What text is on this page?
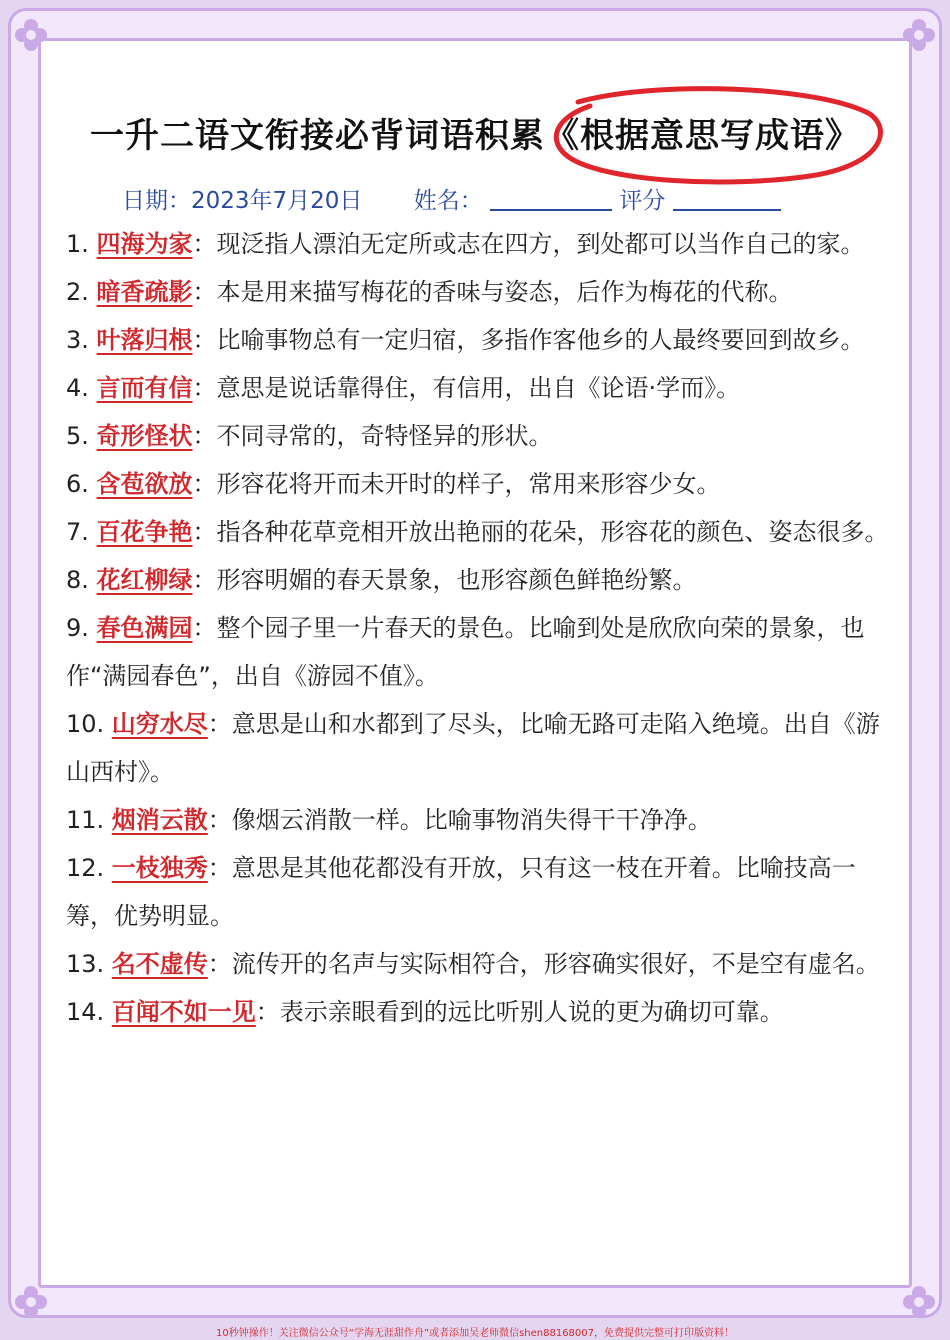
一升二语文衔接必背词语积累《根据意思写成语》
日期：2023年7月20日 姓名：	评分

1. 四海为家：现泛指人漂泊无定所或志在四方，到处都可以当作自己的家。

2. 暗香疏影：本是用来描写梅花的香味与姿态，后作为梅花的代称。

3. 叶落归根：比喻事物总有一定归宿，多指作客他乡的人最终要回到故乡。

4. 言而有信：意思是说话靠得住，有信用，出自《论语·学而》。

5. 奇形怪状：不同寻常的，奇特怪异的形状。

6. 含苞欲放：形容花将开而未开时的样子，常用来形容少女。

7. 百花争艳：指各种花草竞相开放出艳丽的花朵，形容花的颜色、姿态很多。

8. 花红柳绿：形容明媚的春天景象，也形容颜色鲜艳纷繁。

9. 春色满园：整个园子里一片春天的景色。比喻到处是欣欣向荣的景象，也作“满园春色”，出自《游园不值》。

10. 山穷水尽：意思是山和水都到了尽头，比喻无路可走陷入绝境。出自《游山西村》。

11. 烟消云散：像烟云消散一样。比喻事物消失得干干净净。

12. 一枝独秀：意思是其他花都没有开放，只有这一枝在开着。比喻技高一筹，优势明显。

13. 名不虚传：流传开的名声与实际相符合，形容确实很好，不是空有虚名。

14. 百闻不如一见：表示亲眼看到的远比听别人说的更为确切可靠。

10秒钟操作！关注微信公众号“学海无涯甜作舟”或者添加吴老师微信shen88168007，免费提供完整可打印版资料！
